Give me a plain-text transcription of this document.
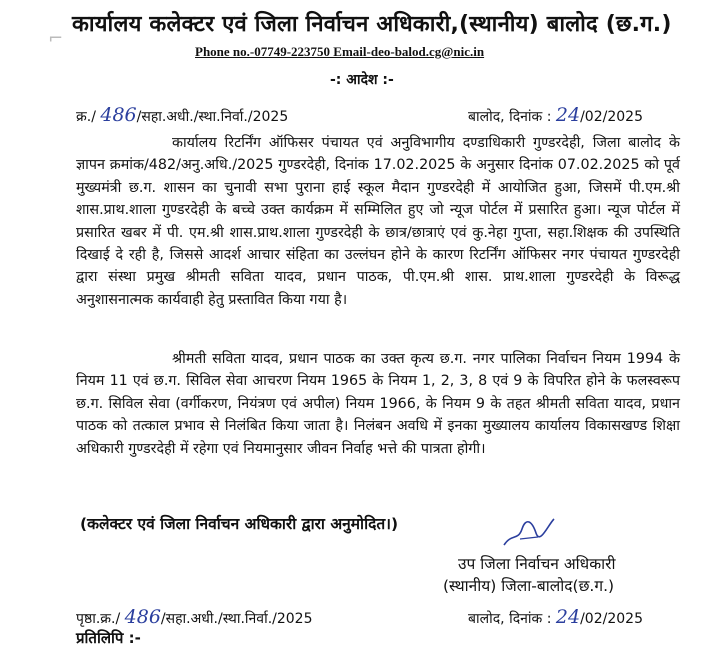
⌐
कार्यालय कलेक्टर एवं जिला निर्वाचन अधिकारी,(स्थानीय) बालोद (छ.ग.)
Phone no.-07749-223750 Email-deo-balod.cg@nic.in
-: आदेश :-
क्र./ 486/सहा.अधी./स्था.निर्वा./2025	बालोद, दिनांक : 24/02/2025
कार्यालय रिटर्निंग ऑफिसर पंचायत एवं अनुविभागीय दण्डाधिकारी गुण्डरदेही, जिला बालोद के ज्ञापन क्रमांक/482/अनु.अधि./2025 गुण्डरदेही, दिनांक 17.02.2025 के अनुसार दिनांक 07.02.2025 को पूर्व मुख्यमंत्री छ.ग. शासन का चुनावी सभा पुराना हाई स्कूल मैदान गुण्डरदेही में आयोजित हुआ, जिसमें पी.एम.श्री शास.प्राथ.शाला गुण्डरदेही के बच्चे उक्त कार्यक्रम में सम्मिलित हुए जो न्यूज पोर्टल में प्रसारित हुआ। न्यूज पोर्टल में प्रसारित खबर में पी. एम.श्री शास.प्राथ.शाला गुण्डरदेही के छात्र/छात्राएं एवं कु.नेहा गुप्ता, सहा.शिक्षक की उपस्थिति दिखाई दे रही है, जिससे आदर्श आचार संहिता का उल्लंघन होने के कारण रिटर्निंग ऑफिसर नगर पंचायत गुण्डरदेही द्वारा संस्था प्रमुख श्रीमती सविता यादव, प्रधान पाठक, पी.एम.श्री शास. प्राथ.शाला गुण्डरदेही के विरूद्ध अनुशासनात्मक कार्यवाही हेतु प्रस्तावित किया गया है।
श्रीमती सविता यादव, प्रधान पाठक का उक्त कृत्य छ.ग. नगर पालिका निर्वाचन नियम 1994 के नियम 11 एवं छ.ग. सिविल सेवा आचरण नियम 1965 के नियम 1, 2, 3, 8 एवं 9 के विपरित होने के फलस्वरूप छ.ग. सिविल सेवा (वर्गीकरण, नियंत्रण एवं अपील) नियम 1966, के नियम 9 के तहत श्रीमती सविता यादव, प्रधान पाठक को तत्काल प्रभाव से निलंबित किया जाता है। निलंबन अवधि में इनका मुख्यालय कार्यालय विकासखण्ड शिक्षा अधिकारी गुण्डरदेही में रहेगा एवं नियमानुसार जीवन निर्वाह भत्ते की पात्रता होगी।
(कलेक्टर एवं जिला निर्वाचन अधिकारी द्वारा अनुमोदित।)
उप जिला निर्वाचन अधिकारी
(स्थानीय) जिला-बालोद(छ.ग.)
पृष्ठा.क्र./ 486/सहा.अधी./स्था.निर्वा./2025	बालोद, दिनांक : 24/02/2025
प्रतिलिपि :-
